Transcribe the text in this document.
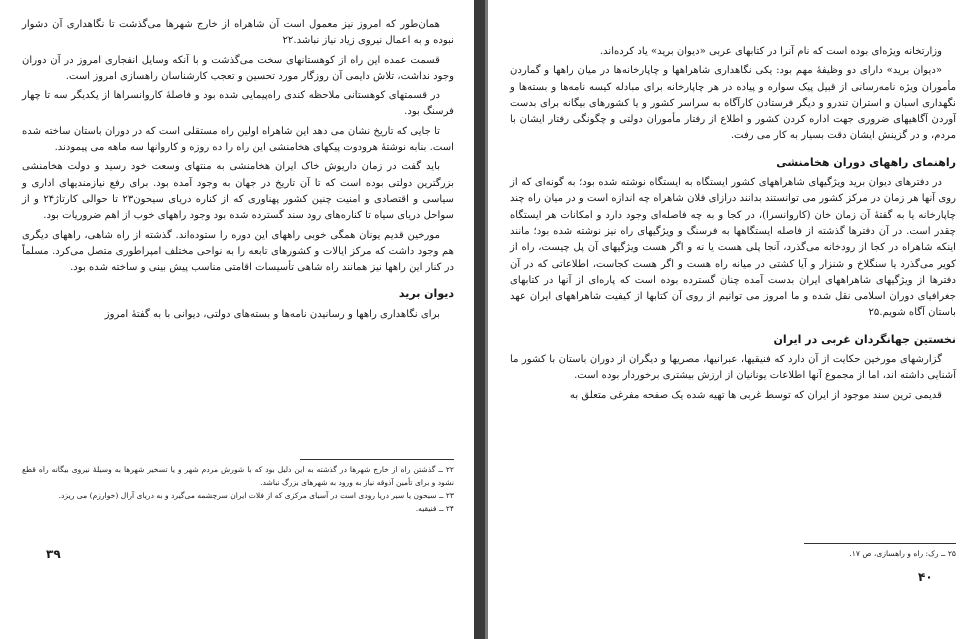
همان‌طور که امروز نیز معمول است آن شاهراه از خارج شهرها می‌گذشت تا نگاهداری آن دشوار نبوده و به اعمال نیروی زیاد نیاز نباشد.۲۲

قسمت عمده این راه از کوهستانهای سخت می‌گذشت و با آنکه وسایل انفجاری امروز در آن دوران وجود نداشت، تلاش دایمی آن روزگار مورد تحسین و تعجب کارشناسان راهسازی امروز است.

در قسمتهای کوهستانی ملاحظه کندی راه‌پیمایی شده بود و فاصلهٔ کاروانسراها از یکدیگر سه تا چهار فرسنگ بود.

تا جایی که تاریخ نشان می دهد این شاهراه اولین راه مستقلی است که در دوران باستان ساخته شده است. بنابه نوشتهٔ هرودوت پیکهای هخامنشی این راه را ده روزه و کاروانها سه ماهه می پیمودند.

باید گفت در زمان داریوش خاک ایران هخامنشی به منتهای وسعت خود رسید و دولت هخامنشی بزرگترین دولتی بوده است که تا آن تاریخ در جهان به وجود آمده بود. برای رفع نیازمندیهای اداری و سیاسی و اقتصادی و امنیت چنین کشور پهناوری که از کناره دریای سیحون۲۳ تا حوالی کارتاژ۲۴ و از سواحل دریای سیاه تا کناره‌های رود سند گسترده شده بود وجود راههای خوب از اهم ضروریات بود.

مورخین قدیم یونان همگی خوبی راههای این دوره را ستوده‌اند. گذشته از راه شاهی، راههای دیگری هم وجود داشت که مرکز ایالات و کشورهای تابعه را به نواحی مختلف امپراطوری متصل می‌کرد. مسلماً در کنار این راهها نیز همانند راه شاهی تأسیسات اقامتی مناسب پیش بینی و ساخته شده بود.

دیوان برید

برای نگاهداری راهها و رسانیدن نامه‌ها و بسته‌های دولتی، دیوانی با به گفتهٔ امروز

۲۲ ــ گذشتن راه از خارج شهرها در گذشته به این دلیل بود که با شورش مردم شهر و یا تسخیر شهرها به وسیلهٔ نیروی بیگانه راه قطع نشود و برای تأمین آذوقه نیاز به ورود به شهرهای بزرگ نباشد.

۲۳ ــ سیحون یا سیر دریا رودی است در آسیای مرکزی که از فلات ایران سرچشمه می‌گیرد و به دریای آرال (خوارزم) می ریزد.

۲۴ ــ فنیقیه.

۳۹

وزارتخانه ویژه‌ای بوده است که نام آنرا در کتابهای عربی «دیوان برید» یاد کرده‌اند.

«دیوان برید» دارای دو وظیفهٔ مهم بود: یکی نگاهداری شاهراهها و چاپارخانه‌ها در میان راهها و گماردن مأموران ویژه نامه‌رسانی از قبیل پیک سواره و پیاده در هر چاپارخانه برای مبادله کیسه نامه‌ها و بسته‌ها و نگهداری اسبان و استران تندرو و دیگر فرستادن کارآگاه به سراسر کشور و یا کشورهای بیگانه برای بدست آوردن آگاهیهای ضروری جهت اداره کردن کشور و اطلاع از رفتار مأموران دولتی و چگونگی رفتار ایشان با مردم، و در گزینش ایشان دقت بسیار به کار می رفت.

راهنمای راههای دوران هخامنشی

در دفترهای دیوان برید ویژگیهای شاهراههای کشور ایستگاه به ایستگاه نوشته شده بود؛ به گونه‌ای که از روی آنها هر زمان در مرکز کشور می توانستند بدانند درازای فلان شاهراه چه اندازه است و در میان راه چند چاپارخانه یا به گفتهٔ آن زمان خان (کاروانسرا)، در کجا و به چه فاصله‌ای وجود دارد و امکانات هر ایستگاه چقدر است. در آن دفترها گذشته از فاصله ایستگاهها به فرسنگ و ویژگیهای راه نیز نوشته شده بود؛ مانند اینکه شاهراه در کجا از رودخانه می‌گذرد، آنجا پلی هست یا نه و اگر هست ویژگیهای آن پل چیست، راه از کویر می‌گذرد یا سنگلاخ و شنزار و آیا کشتی در میانه راه هست و اگر هست کجاست، اطلاعاتی که در آن دفترها از ویژگیهای شاهراههای ایران بدست آمده چنان گسترده بوده است که پاره‌ای از آنها در کتابهای جغرافیای دوران اسلامی نقل شده و ما امروز می توانیم از روی آن کتابها از کیفیت شاهراههای ایران عهد باستان آگاه شویم.۲۵

نخستین جهانگردان غربی در ایران

گزارشهای مورخین حکایت از آن دارد که فنیقیها، عبرانیها، مصریها و دیگران از دوران باستان با کشور ما آشنایی داشته اند، اما از مجموع آنها اطلاعات یونانیان از ارزش بیشتری برخوردار بوده است.

قدیمی ترین سند موجود از ایران که توسط غربی ها تهیه شده یک صفحه مفرغی متعلق به

۲۵ ــ رک: راه و راهسازی، ص ۱۷.

۴۰
